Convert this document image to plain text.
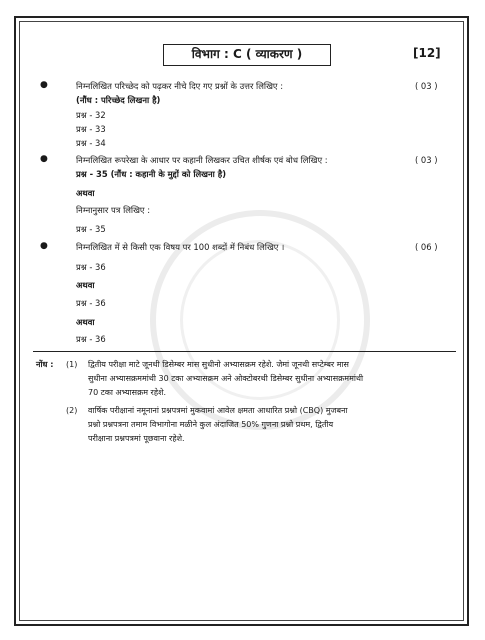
विभाग : C ( व्याकरण )	[12]
●	निम्नलिखित परिच्छेद को पढ़कर नीचे दिए गए प्रश्नों के उत्तर लिखिए :	( 03 )
(नौंध : परिच्छेद लिखना है)
प्रश्न - 32
प्रश्न - 33
प्रश्न - 34
●	निम्नलिखित रूपरेखा के आधार पर कहानी लिखकर उचित शीर्षक एवं बोध लिखिए :	( 03 )
प्रश्न - 35 (नौंध : कहानी के मुद्दों को लिखना है)
अथवा
निम्नानुसार पत्र लिखिए :
प्रश्न - 35
●	निम्नलिखित में से किसी एक विषय पर 100 शब्दों में निबंध लिखिए ।	( 06 )
प्रश्न - 36
अथवा
प्रश्न - 36
अथवा
प्रश्न - 36
नोंध : (1) द्वितीय परीक्षा माटे जूनथी डिसेम्बर मास सुधीनो अभ्यासक्रम रहेशे. जेमां जूनथी सप्टेम्बर मास
सुधीना अभ्यासक्रममांथी 30 टका अभ्यासक्रम अने ओक्टोबरथी डिसेम्बर सुधीना अभ्यासक्रममांथी
70 टका अभ्यासक्रम रहेशे.
(2) वार्षिक परीक्षानां नमूनानां प्रश्नपत्रमां मुकवामां आवेल क्षमता आधारित प्रश्नो (CBQ) मुजबना
प्रश्नो प्रश्नपत्रना तमाम विभागोना मळीने कुल अंदाजित 50% गुणना प्रश्नो प्रथम, द्वितीय
परीक्षाना प्रश्नपत्रमां पूछवाना रहेशे.
